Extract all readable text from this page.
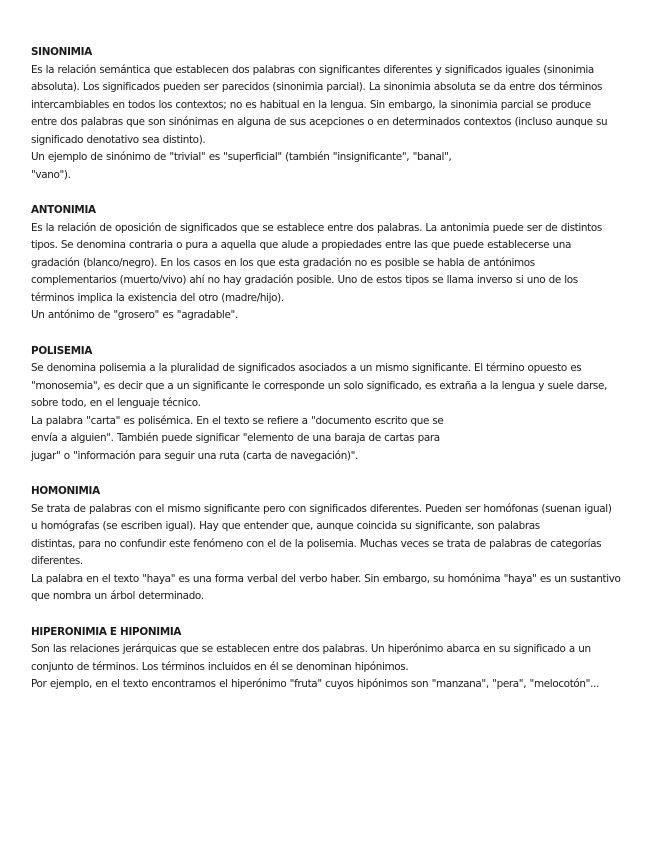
SINONIMIA

Es la relación semántica que establecen dos palabras con significantes diferentes y significados iguales (sinonimia
absoluta). Los significados pueden ser parecidos (sinonimia parcial). La sinonimia absoluta se da entre dos términos
intercambiables en todos los contextos; no es habitual en la lengua. Sin embargo, la sinonimia parcial se produce
entre dos palabras que son sinónimas en alguna de sus acepciones o en determinados contextos (incluso aunque su
significado denotativo sea distinto).

Un ejemplo de sinónimo de "trivial" es "superficial" (también "insignificante", "banal",
"vano").

ANTONIMIA

Es la relación de oposición de significados que se establece entre dos palabras. La antonimia puede ser de distintos
tipos. Se denomina contraria o pura a aquella que alude a propiedades entre las que puede establecerse una
gradación (blanco/negro). En los casos en los que esta gradación no es posible se habla de antónimos
complementarios (muerto/vivo) ahí no hay gradación posible. Uno de estos tipos se llama inverso si uno de los
términos implica la existencia del otro (madre/hijo).

Un antónimo de "grosero" es "agradable".

POLISEMIA

Se denomina polisemia a la pluralidad de significados asociados a un mismo significante. El término opuesto es
"monosemia", es decir que a un significante le corresponde un solo significado, es extraña a la lengua y suele darse,
sobre todo, en el lenguaje técnico.

La palabra "carta" es polisémica. En el texto se refiere a "documento escrito que se
envía a alguien". También puede significar "elemento de una baraja de cartas para
jugar" o "información para seguir una ruta (carta de navegación)".

HOMONIMIA

Se trata de palabras con el mismo significante pero con significados diferentes. Pueden ser homófonas (suenan igual)
u homógrafas (se escriben igual). Hay que entender que, aunque coincida su significante, son palabras
distintas, para no confundir este fenómeno con el de la polisemia. Muchas veces se trata de palabras de categorías
diferentes.

La palabra en el texto "haya" es una forma verbal del verbo haber. Sin embargo, su homónima "haya" es un sustantivo
que nombra un árbol determinado.

HIPERONIMIA E HIPONIMIA

Son las relaciones jerárquicas que se establecen entre dos palabras. Un hiperónimo abarca en su significado a un
conjunto de términos. Los términos incluidos en él se denominan hipónimos.

Por ejemplo, en el texto encontramos el hiperónimo "fruta" cuyos hipónimos son "manzana", "pera", "melocotón"...
